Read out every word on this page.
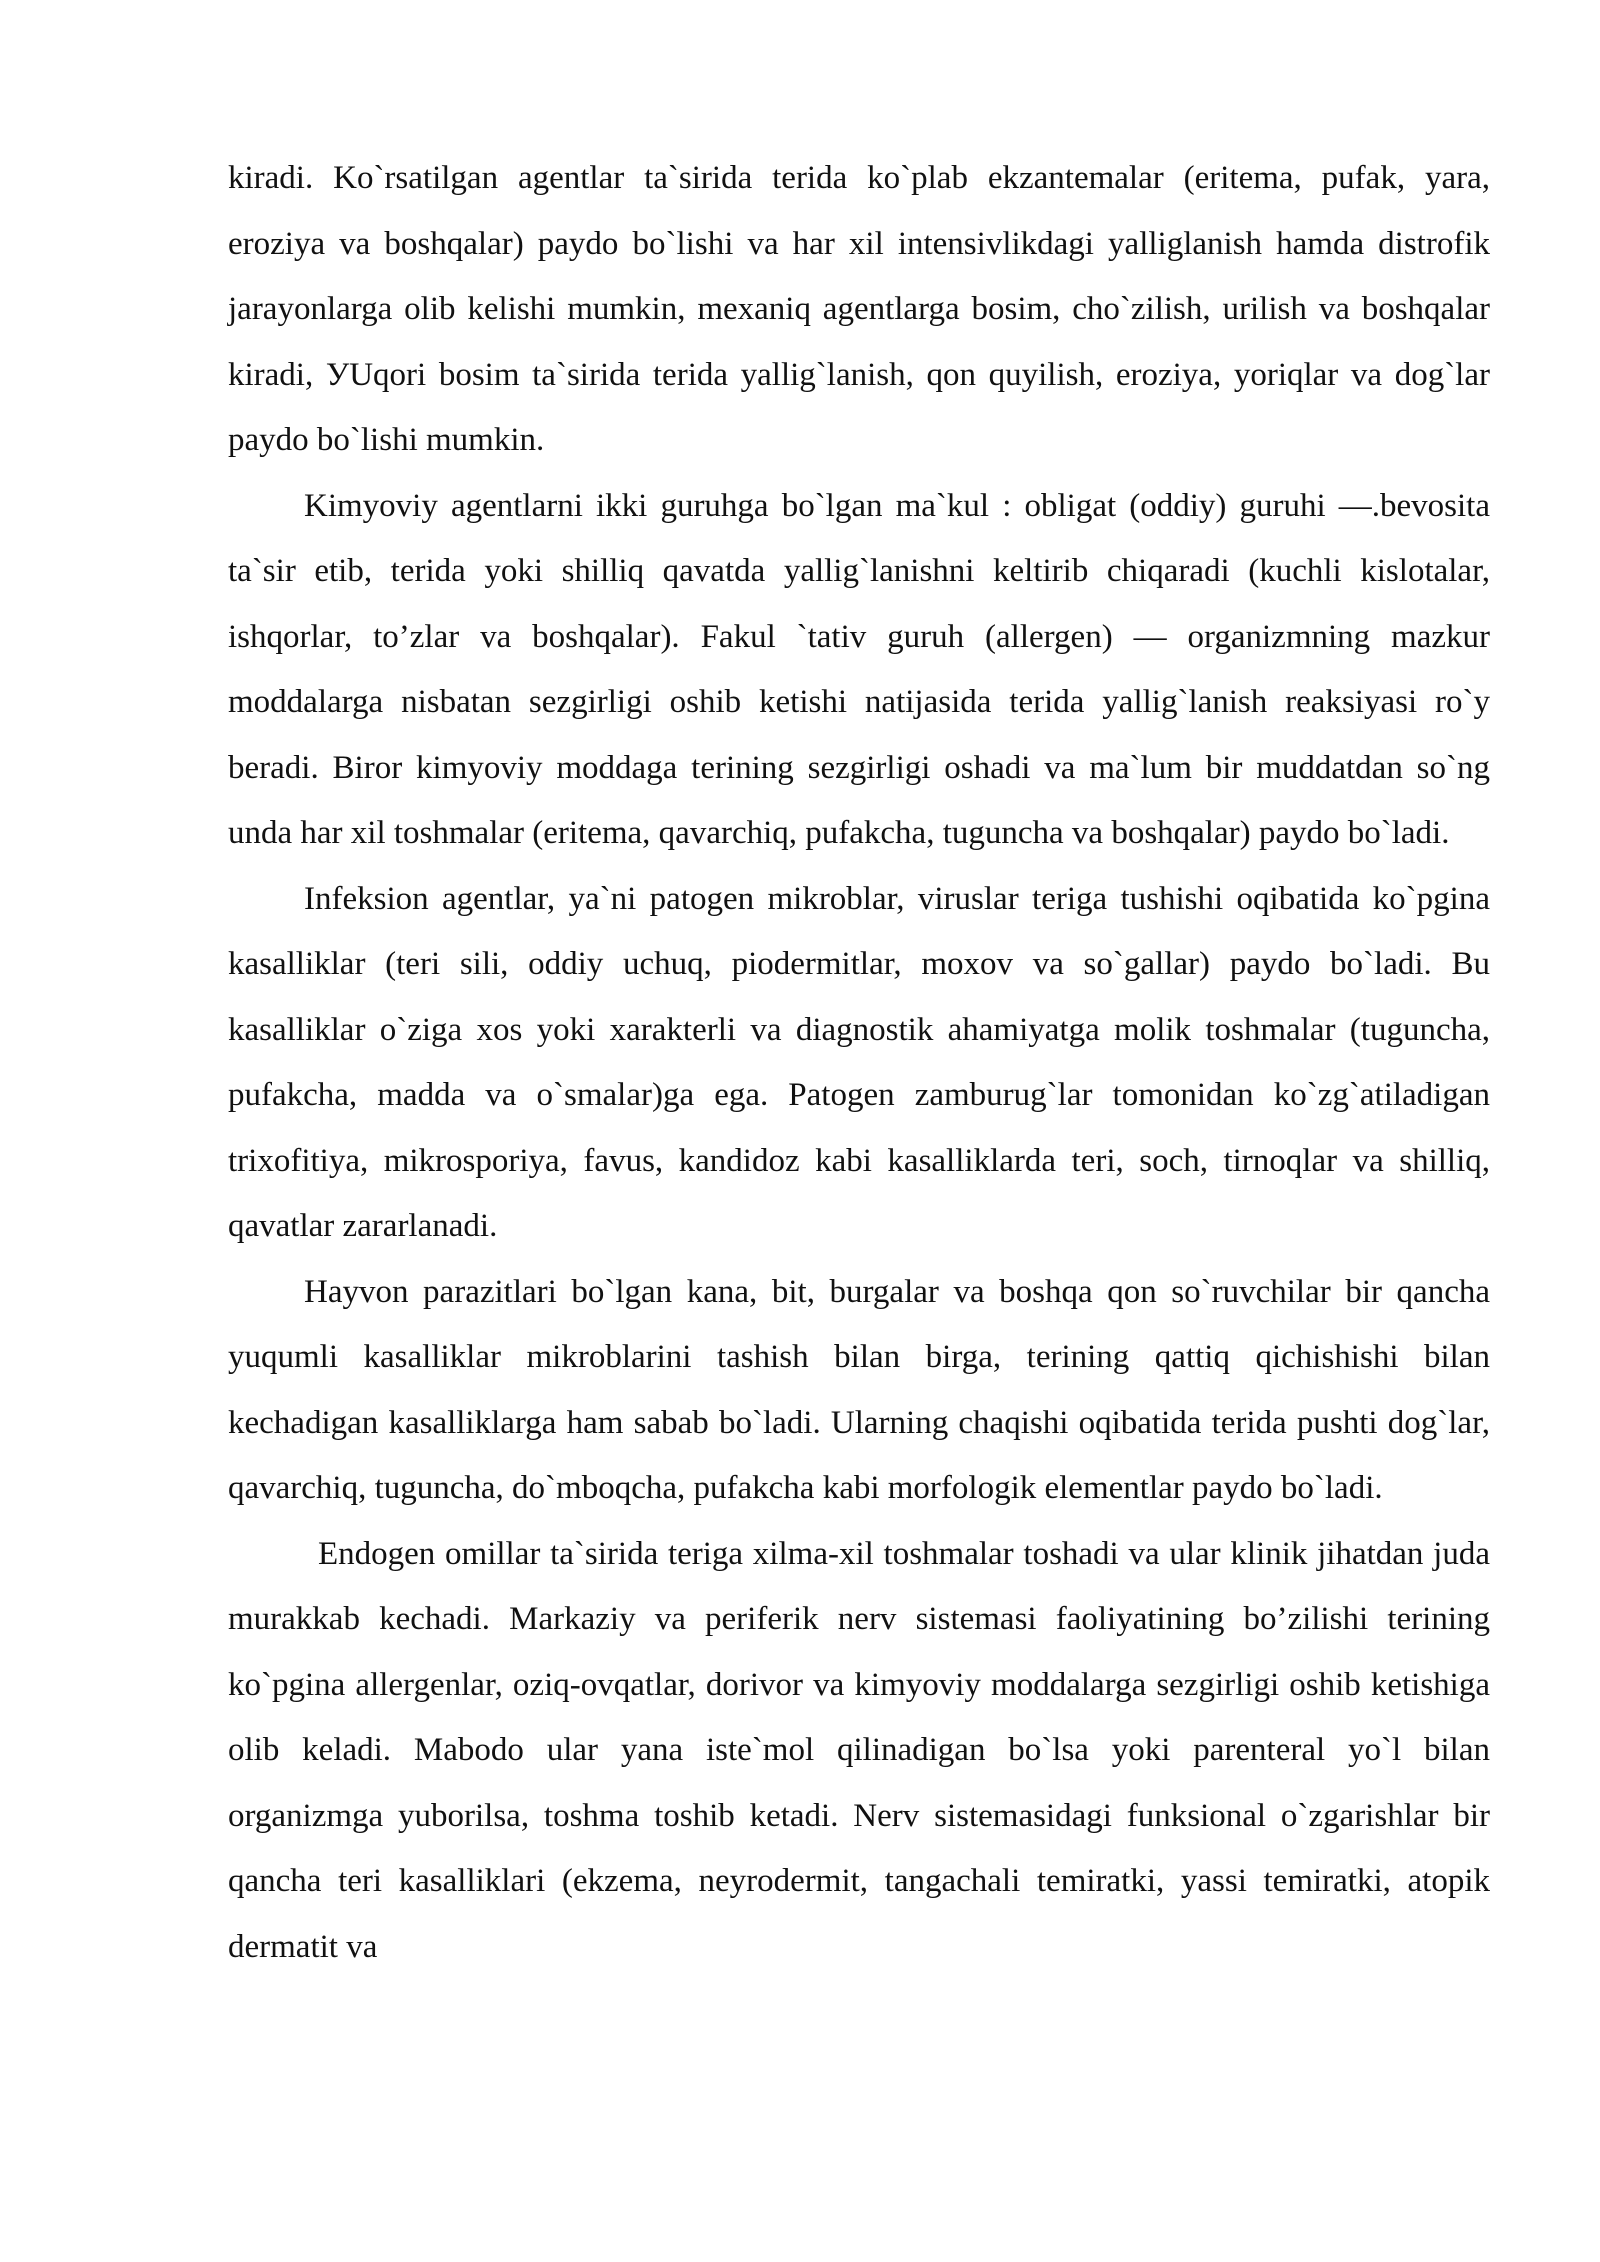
kiradi. Ko`rsatilgan agentlar ta`sirida terida ko`plab ekzantemalar (eritema, pufak, yara, eroziya va boshqalar) paydo bo`lishi va har xil intensivlikdagi yalliglanish hamda distrofik jarayonlarga olib kelishi mumkin, mexaniq agentlarga bosim, cho`zilish, urilish va boshqalar kiradi, УUqori bosim ta`sirida terida yallig`lanish, qon quyilish, eroziya, yoriqlar va dog`lar paydo bo`lishi mumkin.

Kimyoviy agentlarni ikki guruhga bo`lgan ma`kul : obligat (oddiy) guruhi —.bevosita ta`sir etib, terida yoki shilliq qavatda yallig`lanishni keltirib chiqaradi (kuchli kislotalar, ishqorlar, to’zlar va boshqalar). Fakul `tativ guruh (allergen) — organizmning mazkur moddalarga nisbatan sezgirligi oshib ketishi natijasida terida yallig`lanish reaksiyasi ro`y beradi. Biror kimyoviy moddaga terining sezgirligi oshadi va ma`lum bir muddatdan so`ng unda har xil toshmalar (eritema, qavarchiq, pufakcha, tuguncha va boshqalar) paydo bo`ladi.

Infeksion agentlar, ya`ni patogen mikroblar, viruslar teriga tushishi oqibatida ko`pgina kasalliklar (teri sili, oddiy uchuq, piodermitlar, moxov va so`gallar) paydo bo`ladi. Bu kasalliklar o`ziga xos yoki xarakterli va diagnostik ahamiyatga molik toshmalar (tuguncha, pufakcha, madda va o`smalar)ga ega. Patogen zamburug`lar tomonidan ko`zg`atiladigan trixofitiya, mikrosporiya, favus, kandidoz kabi kasalliklarda teri, soch, tirnoqlar va shilliq, qavatlar zararlanadi.

Hayvon parazitlari bo`lgan kana, bit, burgalar va boshqa qon so`ruvchilar bir qancha yuqumli kasalliklar mikroblarini tashish bilan birga, terining qattiq qichishishi bilan kechadigan kasalliklarga ham sabab bo`ladi. Ularning chaqishi oqibatida terida pushti dog`lar, qavarchiq, tuguncha, do`mboqcha, pufakcha kabi morfologik elementlar paydo bo`ladi.

Endogen omillar ta`sirida teriga xilma-xil toshmalar toshadi va ular klinik jihatdan juda murakkab kechadi. Markaziy va periferik nerv sistemasi faoliyatining bo’zilishi terining ko`pgina allergenlar, oziq-ovqatlar, dorivor va kimyoviy moddalarga sezgirligi oshib ketishiga olib keladi. Mabodo ular yana iste`mol qilinadigan bo`lsa yoki parenteral yo`l bilan organizmga yuborilsa, toshma toshib ketadi. Nerv sistemasidagi funksional o`zgarishlar bir qancha teri kasalliklari (ekzema, neyrodermit, tangachali temiratki, yassi temiratki, atopik dermatit va
